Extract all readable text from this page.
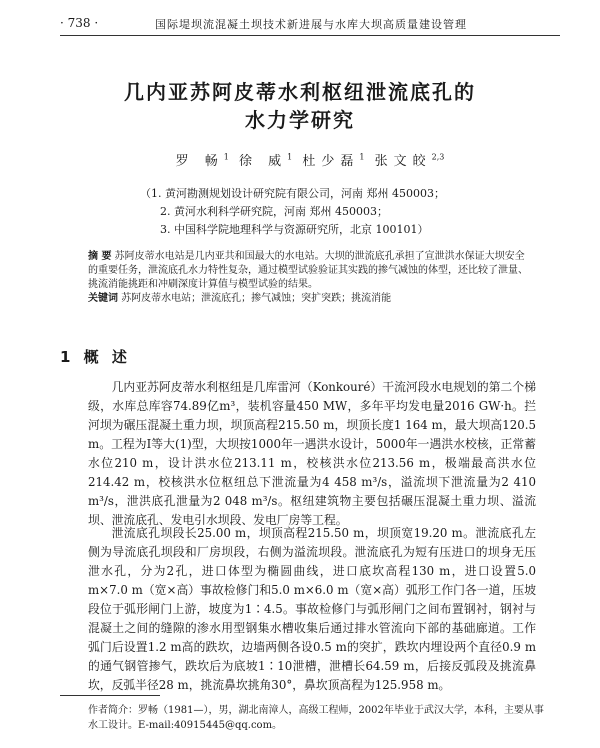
· 738 ·	国际堤坝流混凝土坝技术新进展与水库大坝高质量建设管理
几内亚苏阿皮蒂水利枢纽泄流底孔的
水力学研究
罗 畅$^1$ 徐 威$^1$ 杜少磊$^1$ 张文皎$^{2,3}$
（1. 黄河勘测规划设计研究院有限公司，河南 郑州 450003；
2. 黄河水利科学研究院，河南 郑州 450003；
3. 中国科学院地理科学与资源研究所，北京 100101）
摘 要 苏阿皮蒂水电站是几内亚共和国最大的水电站。大坝的泄流底孔承担了宣泄洪水保证大坝安全的重要任务，泄流底孔水力特性复杂，通过模型试验验证其实践的掺气减蚀的体型，还比较了泄量、挑流消能挑距和冲刷深度计算值与模型试验的结果。
关键词 苏阿皮蒂水电站；泄流底孔；掺气减蚀；突扩突跌；挑流消能
1 概 述

几内亚苏阿皮蒂水利枢纽是几库雷河（Konkouré）干流河段水电规划的第二个梯级，水库总库容74.89亿m³，装机容量450 MW，多年平均发电量2016 GW·h。拦河坝为碾压混凝土重力坝，坝顶高程215.50 m，坝顶长度1 164 m，最大坝高120.5 m。工程为Ⅰ等大(1)型，大坝按1000年一遇洪水设计，5000年一遇洪水校核，正常蓄水位210 m，设计洪水位213.11 m，校核洪水位213.56 m，极端最高洪水位214.42 m，校核洪水位枢纽总下泄流量为4 458 m³/s，溢流坝下泄流量为2 410 m³/s，泄洪底孔泄量为2 048 m³/s。枢纽建筑物主要包括碾压混凝土重力坝、溢流坝、泄流底孔、发电引水坝段、发电厂房等工程。

泄流底孔坝段长25.00 m，坝顶高程215.50 m，坝顶宽19.20 m。泄流底孔左侧为导流底孔坝段和厂房坝段，右侧为溢流坝段。泄流底孔为短有压进口的坝身无压泄水孔，分为2孔，进口体型为椭圆曲线，进口底坎高程130 m，进口设置5.0 m×7.0 m（宽×高）事故检修门和5.0 m×6.0 m（宽×高）弧形工作门各一道，压坡段位于弧形闸门上游，坡度为1∶4.5。事故检修门与弧形闸门之间布置钢衬，钢衬与混凝土之间的缝隙的渗水用型钢集水槽收集后通过排水管流向下部的基础廊道。工作弧门后设置1.2 m高的跌坎，边墙两侧各设0.5 m的突扩，跌坎内埋设两个直径0.9 m的通气钢管掺气，跌坎后为底坡1∶10泄槽，泄槽长64.59 m，后接反弧段及挑流鼻坎，反弧半径28 m，挑流鼻坎挑角30°，鼻坎顶高程为125.958 m。

作者简介：罗畅（1981—），男，湖北南漳人，高级工程师，2002年毕业于武汉大学，本科，主要从事水工设计。E-mail:40915445@qq.com。
